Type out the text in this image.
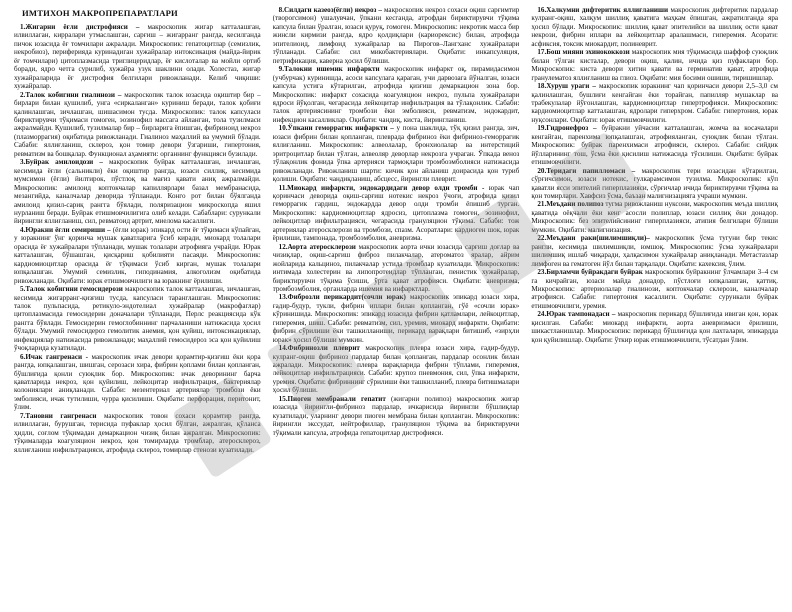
ИМТИХОН МАКРОПРЕПАРАТЛАРИ

1.Жигарни ёғли дистрофияси – макроскопик жигар катталашган, илвиллаган, кирралари утмаслашган, сарғиш – жигарранг рангда, кесилганда пичок юзасида ёғ томчилари ажралади. Микроскопик: гепатоцитлар (семизлик, некробиоз), периферияда куринадиган хужайралар интоксикация (майда-йирик ёғ томчилари) цитоплазмасида триглицеридлар, ёғ кислоталар ва мойли ортиб боради, ядро четга сурилиб, хужайра узук шаклини олади. Холестаз, жигар хужайраларида ёғ дистрофия белгилари ривожланади. Келиб чиқиши: хужайралар.

2.Талок кобигини гиалинози – макроскопик талок юзасида оқиштир бир – бирлари билан қушилиб, унга «сиркаланган» куриниш беради, талок қобиғи қалинлашган, зичлашган, шишасимон тусда. Микроскопик: талок капсуласи бириктирувчи тўқимаси гомоген, эозинофил массага айланган, тола тузилмаси ажралмайди. Қушилиб, тузилмалар бир – бирларига ёпишган, фибриноид некроз (плазморрагия) оқибатида ривожланади. Гиалиноз маҳаллий ва умумий бўлади. Сабаби: яллиғланиш, склероз, қон томир девори ўзгариши, гипертония, ревматизм ва бошқалар. Функционал аҳамияти: органнинг функцияси бузилади.

3.Буйрак амилоидози – макроскопик буйрак катталашган, зичлашган, кесимида ёғли (сальникли) ёки оқиштир рангда, юзаси силлиқ, кесимида мумсимон (ёғли) йилтирок, пўстлоқ ва мағиз қавати аниқ ажралмайди. Микроскопик: амилоид коптокчалар капиллярлари базал мембранасида, мезангийда, каналчалар деворида тўпланади. Конго рот билан бўялганда амилоид қизил-сариқ рангга бўялади, поляризацион микроскопда яшил нурланиш беради. Буйрак етишмовчилигига олиб келади. Сабаблари: сурункали йирингли яллиғланиш, сил, ревматоид артрит, миелома касаллиги.

4.Юракни ёғли семириши – (ёғли юрак) эпикард ости ёғ тўқимаси кўпайган, у юракнинг ўнг қоринча мушак қаватларига ўсиб киради, миокард толалари орасида ёғ хужайралари тўпланади, мушак толалари атрофияга учрайди. Юрак катталашган, бўшашган, қисқариш қобилияти пасаяди. Микроскопик: кардиомиоцитлар орасида ёғ тўқимаси ўсиб кирган, мушак толалари юпқалашган. Умумий семизлик, гиподинамия, алкоголизм оқибатида ривожланади. Оқибати: юрак етишмовчилиги ва юракнинг ёрилиши.

5.Талок кобигини гемосидерози макроскопик талок катталашган, зичлашган, кесимида жигарранг-қизғиш тусда, капсуласи таранглашган. Микроскопик: талок пульпасида, ретикуло-эндотелиал хужайралар (макрофаглар) цитоплазмасида гемосидерин доначалари тўпланади, Перлс реакциясида кўк рангга бўялади. Гемосидерин гемоглобиннинг парчаланиши натижасида ҳосил бўлади. Умумий гемосидероз гемолитик анемия, қон қуйиш, интоксикациялар, инфекциялар натижасида ривожланади; маҳаллий гемосидероз эса қон қуйилиш ўчоқларида кузатилади.

6.Ичак гангренаси - макроскопик ичак девори қорамтир-қизғиш ёки қора рангда, юпқалашган, шишган, серозаси хира, фибрин қоплами билан қопланган, бўшлиғида қонли суюқлик бор. Микроскопик: ичак деворининг барча қаватларида некроз, қон қуйилиш, лейкоцитар инфильтрация, бактериялар колониялари аниқланади. Сабаби: мезентериал артериялар тромбози ёки эмболияси, ичак тутилиши, чурра қисилиши. Оқибати: перфорация, перитонит, ўлим.

7.Тановни гангренаси макроскопик товон сохаси қорамтир рангда, илвиллаган, бурушган, терисида пуфаклар ҳосил бўлган, ажралган, қўланса ҳидли, соғлом тўқимадан демаркацион чизиқ билан ажралган. Микроскопик: тўқималарда коагуляцион некроз, қон томирларда тромблар, атеросклероз, яллиғланиш инфильтрацияси, атрофида склероз, томирлар стенози кузатилади.

8.Силдаги казеоз(ёғли) некроз – макроскопик некроз сохаси оқиш сарғимтир (творогсимон) ушалувчан, ўпкани кесганда, атрофдан бириктирувчи тўқима капсула билан ўралган, юзаси қуруқ, гомоген. Микроскопик: некротик масса бир жинсли кирмизи рангда, ядро қолдиқлари (кариорексис) билан, атрофида эпителиоид, лимфоид хужайралар ва Пирогов–Лангханс хужайралари тўпланади. Сабаби: сил микобактериялари. Оқибати: инкапсуляция, петрификация, каверна ҳосил бўлиши.

9.Талокни ишемик инфаркти макроскопик инфаркт оқ, пирамидасимон (учбурчак) куринишда, асоси капсулага қараган, учи дарвозага йўналган, юзаси капсула устига кўтарилган, атрофида қизғиш демаркацион зона бор. Микроскопик: инфаркт сохасида коагуляцион некроз, пульпа хужайралари ядроси йўқолган, чегарасида лейкоцитар инфильтрация ва тўлақонлик. Сабаби: талок артериясининг тромбози ёки эмболияси, ревматизм, эндокардит, инфекцион касалликлар. Оқибати: чандиқ, киста, йирингланиш.

10.Ўпкани геморрагик инфаркти – у пона шаклида, тўқ қизил рангда, зич, юзаси фибрин билан қопланган, плеврада фибриноз ёки фибриноз-геморрагик яллиғланиш. Микроскопик: алвеолалар, бронхиолалар ва интерстиций эритроцитлар билан тўлган, алвеоляр деворлар некрозга учраган. Ўпкада веноз тўлақонлик фонида ўпка артерияси тармоқлари тромбоэмболияси натижасида ривожланади. Ривожланиш шарти: кичик қон айланиш доирасида қон туриб қолиши. Оқибати: чандиқланиш, абсцесс, йирингли плеврит.

11.Миокард инфаркти, эндокардидаги девор олди тромби - юрак чап қоринчаси деворида оқиш-сарғиш нотекис некроз ўчоғи, атрофида қизил геморрагик гардиш, эндокардда девор олди тромби ёпишиб турган. Микроскопик: кардиомиоцитлар ядросиз, цитоплазма гомоген, эозинофил, лейкоцитлар инфильтрацияси, чегарасида грануляцион тўқима. Сабаби: тож артериялар атеросклерози ва тромбози, спазм. Асоратлари: кардиоген шок, юрак ёрилиши, тампонада, тромбоэмболия, аневризма.

12.Аорта атеросклерози макроскопик аорта ички юзасида сарғиш доғлар ва чизиқлар, оқиш-сарғиш фиброз пилакчалар, атероматоз яралар, айрим жойларида кальциноз, пилакчалар устида тромблар кузатилади. Микроскопик: интимада холестерин ва липопротеидлар тўпланган, пенистик хужайралар, бириктирувчи тўқима ўсиши, ўрта қават атрофияси. Оқибати: аневризма, тромбоэмболия, органларда ишемия ва инфарктлар.

13.Фиброзли перикардит(сочли юрак) макроскопик эпикард юзаси хира, ғадир-будур, тукли, фибрин иплари билан қопланган, гўё «сочли юрак» кўринишида. Микроскопик: эпикард юзасида фибрин қатламлари, лейкоцитлар, гиперемия, шиш. Сабаби: ревматизм, сил, уремия, миокард инфаркти. Оқибати: фибрин сўрилиши ёки ташкилланиши, перикард варақлари битишиб, «зирҳли юрак» ҳосил бўлиши мумкин.

14.Фибринозли плеврит макроскопик плевра юзаси хира, ғадир-будур, кулранг-оқиш фибриноз пардалар билан қопланган, пардалар осонлик билан ажралади. Микроскопик: плевра варақларида фибрин тўплами, гиперемия, лейкоцитлар инфильтрацияси. Сабаби: крупоз пневмония, сил, ўпка инфаркти, уремия. Оқибати: фибриннинг сўрилиши ёки ташкилланиб, плевра битишмалари ҳосил бўлиши.

15.Пиоген мембранали гепатит (жигарни полипоз) макроскопик жигар юзасида йирингли-фибриноз пардалар, ичкарисида йирингли бўшлиқлар кузатилади, уларнинг девори пиоген мембрана билан қопланган. Микроскопик: йирингли экссудат, нейтрофиллар, грануляцион тўқима ва бириктирувчи тўқимали капсула, атрофида гепатоцитлар дистрофияси.

16.Халкумни дифтеритик яллиғланиши макроскопик дифтеритик пардалар кулранг-оқиш, халқум шиллиқ қаватига маҳкам ёпишган, ажратилганда яра ҳосил бўлади. Микроскопик: шиллиқ қават эпителийси ва шиллиқ ости қават некрози, фибрин иплари ва лейкоцитлар аралашмаси, гиперемия. Асорати: асфиксия, токсик миокардит, полиневрит.

17.Бош мияни эхинококкози макроскопик мия тўқимасида шаффоф суюқлик билан тўлган кисталар, девори оқиш, қалин, ичида қиз пуфаклари бор. Микроскопик: киста девори хитин қавати ва герминатив қават, атрофида гранулематоз яллиғланиш ва глиоз. Оқибати: мия босими ошиши, тиришишлар.

18.Хуруш ураги – макроскопик юракнинг чап қоринчаси девори 2,5–3,0 см қалинлашган, бушлиғи кенгайган ёки торайган, папилляр мушаклар ва трабекулалар йўғонлашган, кардиомиоцитлар гипертрофияси. Микроскопик: кардиомиоцитлар катталашган, ядролари гиперхром. Сабаби: гипертония, юрак нуқсонлари. Оқибати: юрак етишмовчилиги.

19.Гидронефроз – буйракни уйчасии катталашган, жомча ва косачалари кенгайган, паренхима юпқалашган, атрофияланган, суюқлик билан тўлган. Микроскопик: буйрак паренхимаси атрофияси, склероз. Сабаби: сийдик йўлларининг тош, ўсма ёки қисилиш натижасида тўсилиши. Оқибати: буйрак етишмовчилиги.

20.Теридаги папилломаси – макроскопик тери юзасидан кўтарилган, сўрғичсимон, юзаси нотекис, гулкарамсимон тузилма. Микроскопик: кўп қаватли ясси эпителий гиперплазияси, сўрғичлар ичида бириктирувчи тўқима ва қон томирлари. Хавфсиз ўсма, баъзан малигнизацияга учраши мумкин.

21.Меъдани полипоз тугма ривожланиш нуксони, макроскопик меъда шиллиқ қаватида оёқчали ёки кенг асосли полиплар, юзаси силлиқ ёки донадор. Микроскопик: без эпителийсининг гиперплазияси, атипия белгилари бўлиши мумкин. Оқибати: малигнизация.

22.Меъдани раки(шилимшиқли)– макроскопик ўсма тугуни бир текис рангли, кесимида шилимшиқли, юмшоқ. Микроскопик: ўсма хужайралари шилимшиқ ишлаб чиқаради, ҳалқасимон хужайралар аниқланади. Метастазлар лимфоген ва гематоген йўл билан тарқалади. Оқибати: кахексия, ўлим.

23.Бирламчи буйракдаги буйрак макроскопик буйракнинг ўлчамлари 3–4 см га кичрайган, юзаси майда донадор, пўстлоғи юпқалашган, қаттиқ. Микроскопик: артериолалар гиалинози, коптокчалар склерози, каналчалар атрофияси. Сабаби: гипертония касаллиги. Оқибати: сурункали буйрак етишмовчилиги, уремия.

24.Юрак тампонадаси – макроскопик перикард бўшлиғида ивиган қон, юрак қисилган. Сабаби: миокард инфаркти, аорта аневризмаси ёрилиши, шикастланишлар. Микроскопик: перикард бўшлиғида қон лахталари, эпикардда қон қуйилишлар. Оқибати: ўткир юрак етишмовчилиги, тўсатдан ўлим.
